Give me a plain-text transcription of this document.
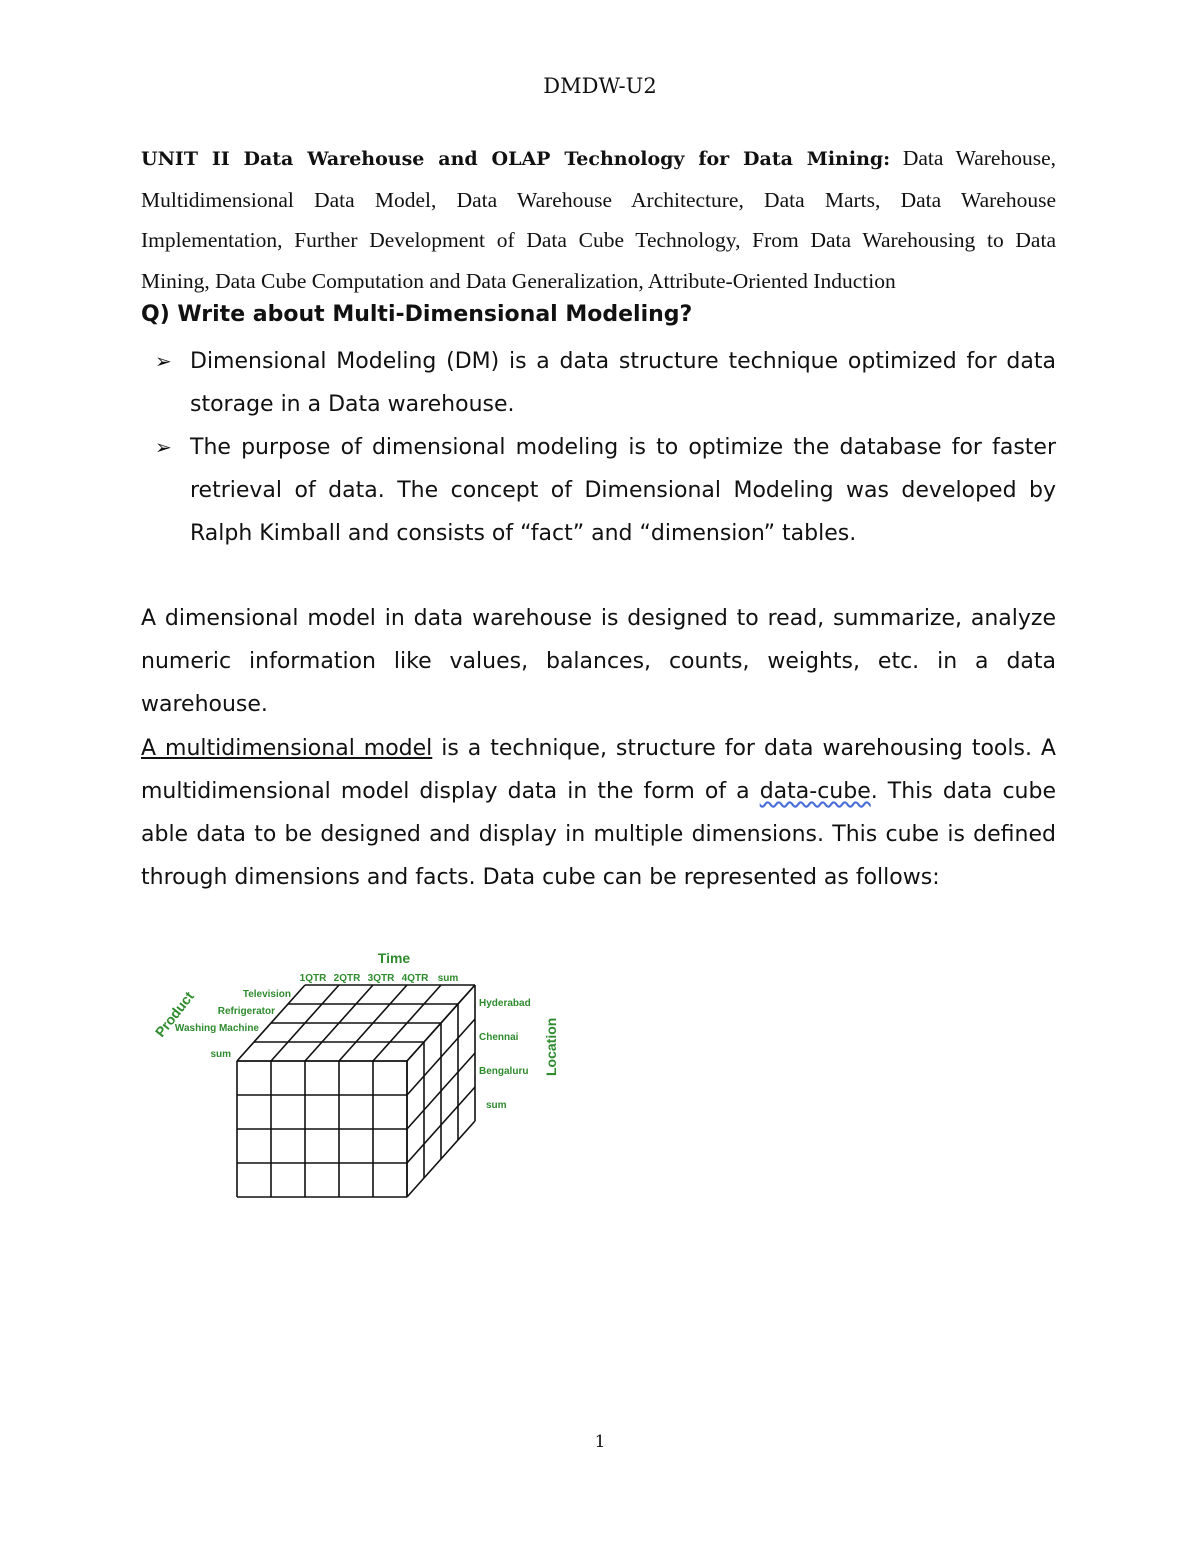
DMDW-U2

UNIT II Data Warehouse and OLAP Technology for Data Mining: Data Warehouse, Multidimensional Data Model, Data Warehouse Architecture, Data Marts, Data Warehouse Implementation, Further Development of Data Cube Technology, From Data Warehousing to Data Mining, Data Cube Computation and Data Generalization, Attribute-Oriented Induction

Q) Write about Multi-Dimensional Modeling?

➢ Dimensional Modeling (DM) is a data structure technique optimized for data storage in a Data warehouse.
➢ The purpose of dimensional modeling is to optimize the database for faster retrieval of data. The concept of Dimensional Modeling was developed by Ralph Kimball and consists of “fact” and “dimension” tables.

A dimensional model in data warehouse is designed to read, summarize, analyze numeric information like values, balances, counts, weights, etc. in a data warehouse.

A multidimensional model is a technique, structure for data warehousing tools. A multidimensional model display data in the form of a data-cube. This data cube able data to be designed and display in multiple dimensions. This cube is defined through dimensions and facts. Data cube can be represented as follows:

Time
1QTR 2QTR 3QTR 4QTR sum
Product	Television
Refrigerator
Washing Machine
sum
Hyderabad
Chennai
Bengaluru
sum
Location
1
